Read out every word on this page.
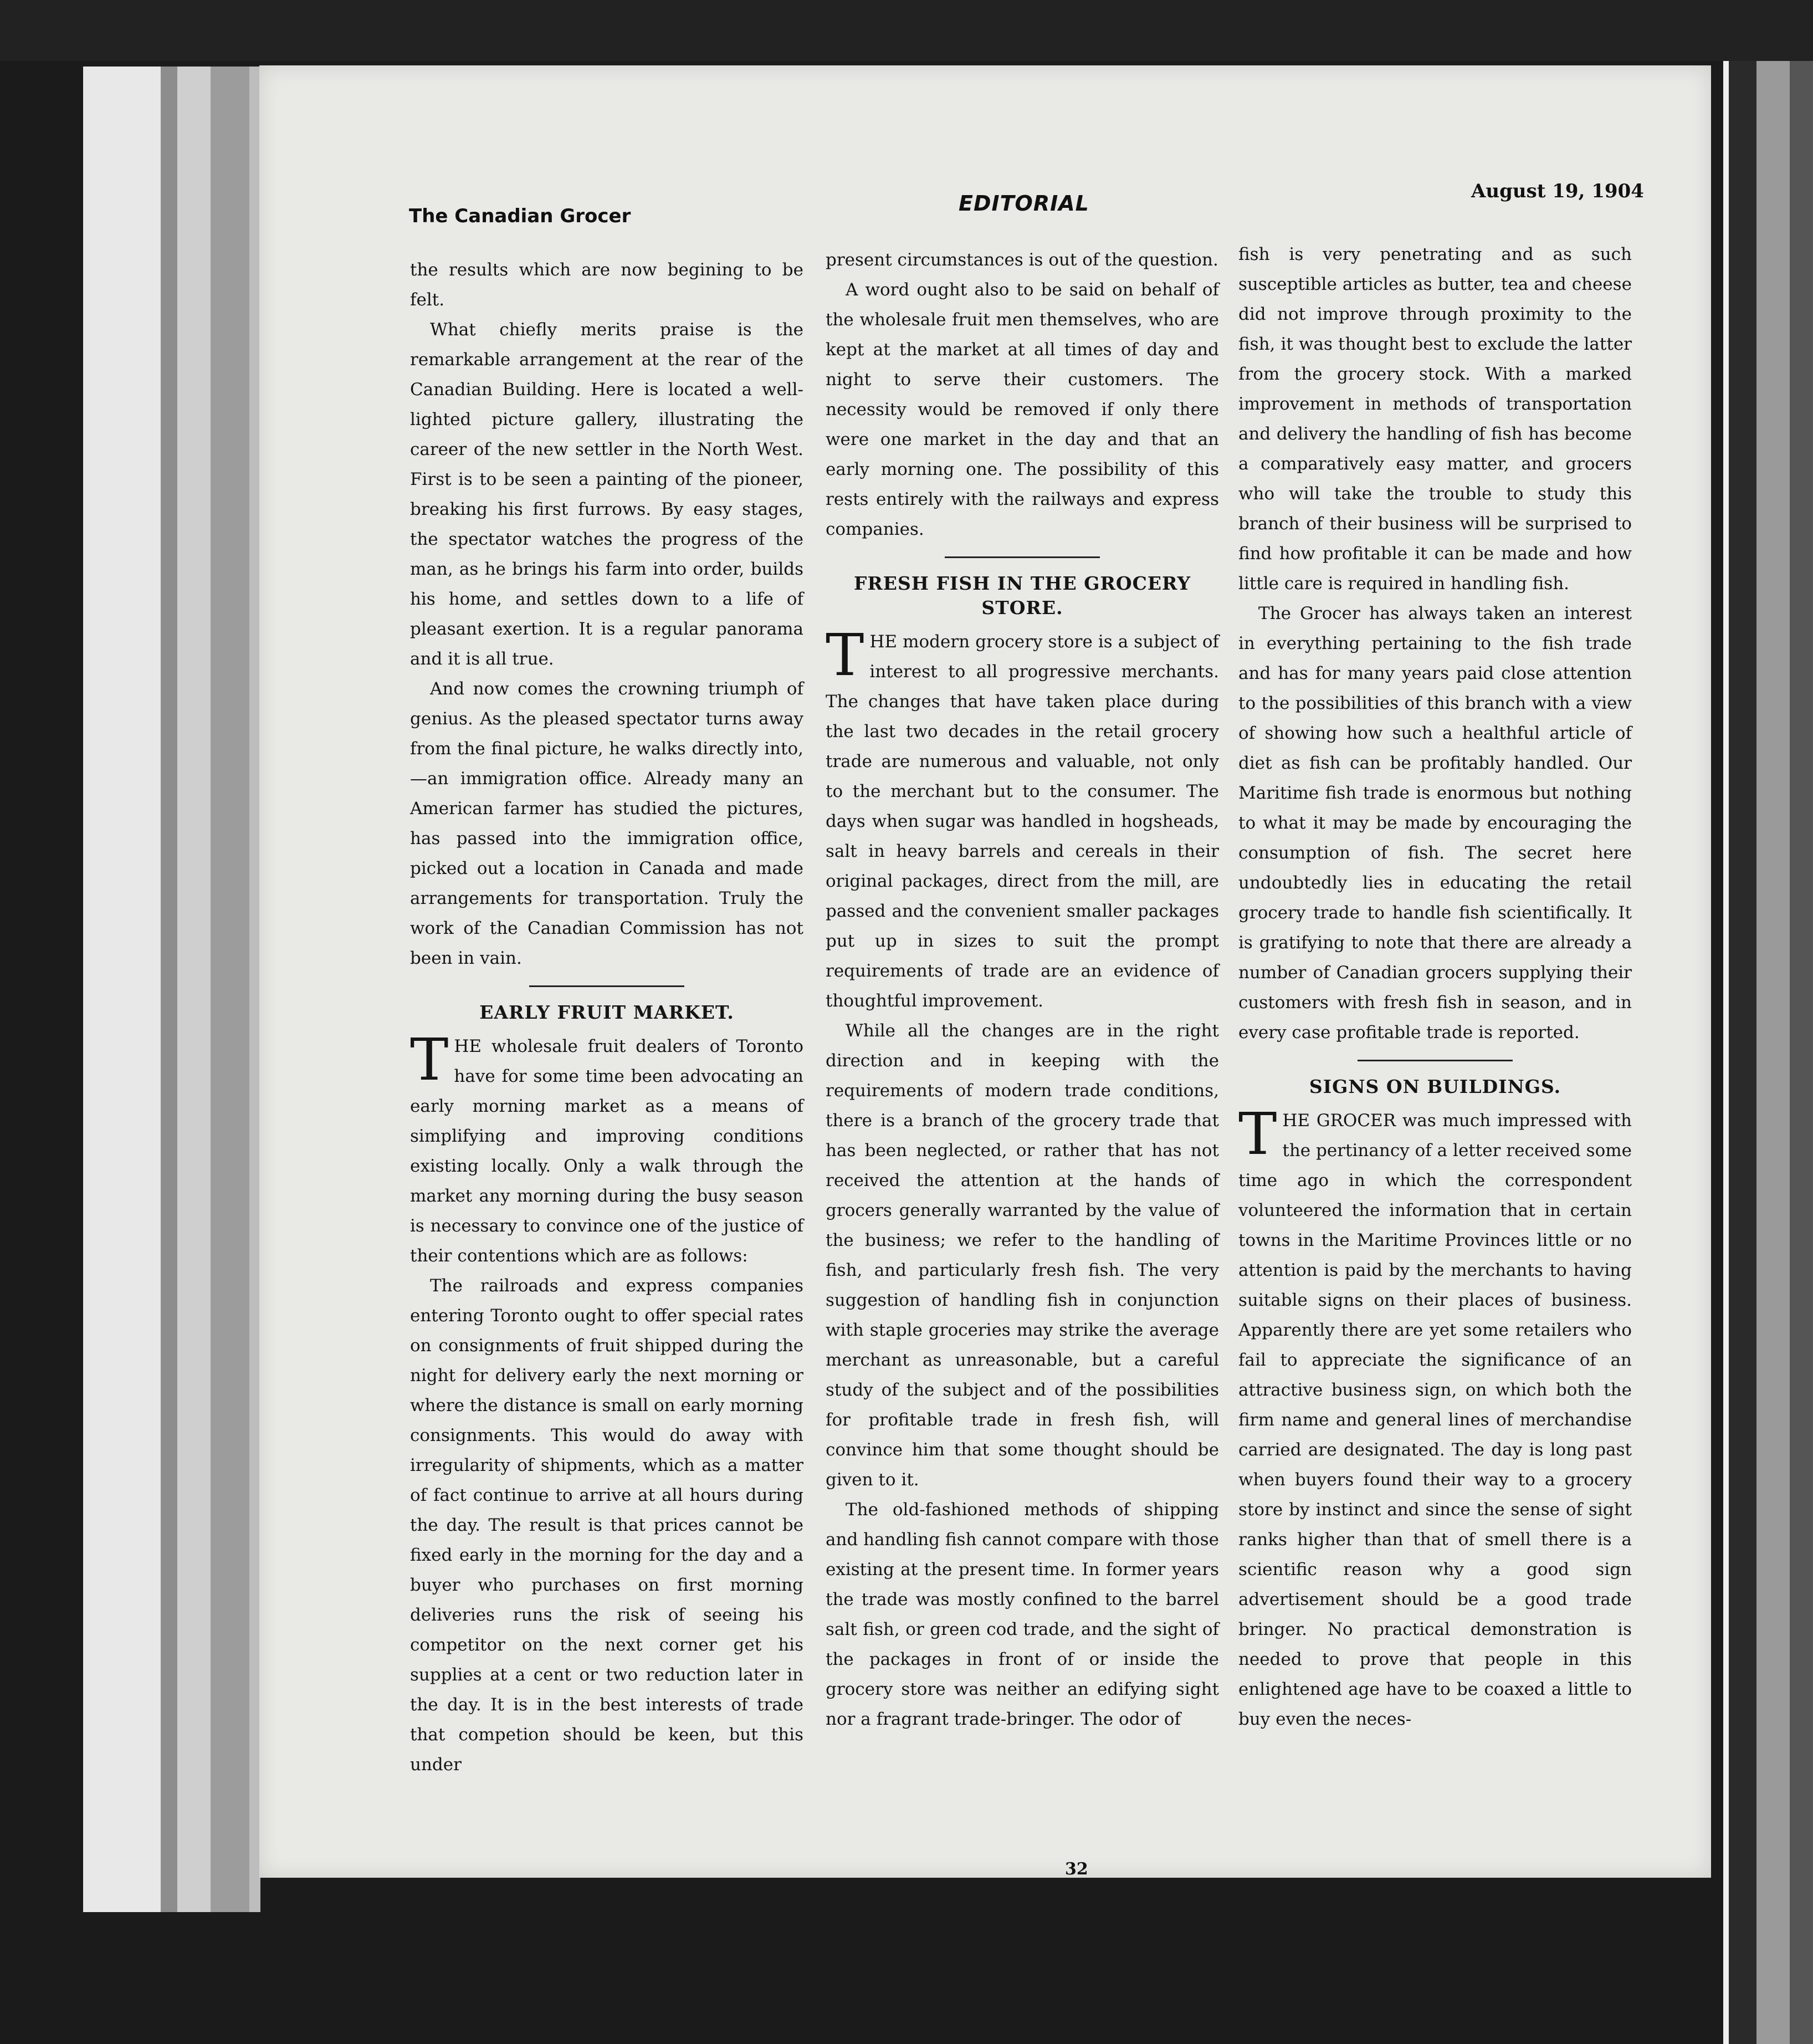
The Canadian Grocer
EDITORIAL	August 19, 1904

the results which are now begining to be felt.

What chiefly merits praise is the remarkable arrangement at the rear of the Canadian Building. Here is located a well-lighted picture gallery, illustrating the career of the new settler in the North West. First is to be seen a painting of the pioneer, breaking his first furrows. By easy stages, the spectator watches the progress of the man, as he brings his farm into order, builds his home, and settles down to a life of pleasant exertion. It is a regular panorama and it is all true.

And now comes the crowning triumph of genius. As the pleased spectator turns away from the final picture, he walks directly into,—an immigration office. Already many an American farmer has studied the pictures, has passed into the immigration office, picked out a location in Canada and made arrangements for transportation. Truly the work of the Canadian Commission has not been in vain.

EARLY FRUIT MARKET.

THE wholesale fruit dealers of Toronto have for some time been advocating an early morning market as a means of simplifying and improving conditions existing locally. Only a walk through the market any morning during the busy season is necessary to convince one of the justice of their contentions which are as follows:

The railroads and express companies entering Toronto ought to offer special rates on consignments of fruit shipped during the night for delivery early the next morning or where the distance is small on early morning consignments. This would do away with irregularity of shipments, which as a matter of fact continue to arrive at all hours during the day. The result is that prices cannot be fixed early in the morning for the day and a buyer who purchases on first morning deliveries runs the risk of seeing his competitor on the next corner get his supplies at a cent or two reduction later in the day. It is in the best interests of trade that competion should be keen, but this under

present circumstances is out of the question.

A word ought also to be said on behalf of the wholesale fruit men themselves, who are kept at the market at all times of day and night to serve their customers. The necessity would be removed if only there were one market in the day and that an early morning one. The possibility of this rests entirely with the railways and express companies.

FRESH FISH IN THE GROCERY STORE.

THE modern grocery store is a subject of interest to all progressive merchants. The changes that have taken place during the last two decades in the retail grocery trade are numerous and valuable, not only to the merchant but to the consumer. The days when sugar was handled in hogsheads, salt in heavy barrels and cereals in their original packages, direct from the mill, are passed and the convenient smaller packages put up in sizes to suit the prompt requirements of trade are an evidence of thoughtful improvement.

While all the changes are in the right direction and in keeping with the requirements of modern trade conditions, there is a branch of the grocery trade that has been neglected, or rather that has not received the attention at the hands of grocers generally warranted by the value of the business; we refer to the handling of fish, and particularly fresh fish. The very suggestion of handling fish in conjunction with staple groceries may strike the average merchant as unreasonable, but a careful study of the subject and of the possibilities for profitable trade in fresh fish, will convince him that some thought should be given to it.

The old-fashioned methods of shipping and handling fish cannot compare with those existing at the present time. In former years the trade was mostly confined to the barrel salt fish, or green cod trade, and the sight of the packages in front of or inside the grocery store was neither an edifying sight nor a fragrant trade-bringer. The odor of

fish is very penetrating and as such susceptible articles as butter, tea and cheese did not improve through proximity to the fish, it was thought best to exclude the latter from the grocery stock. With a marked improvement in methods of transportation and delivery the handling of fish has become a comparatively easy matter, and grocers who will take the trouble to study this branch of their business will be surprised to find how profitable it can be made and how little care is required in handling fish.

The Grocer has always taken an interest in everything pertaining to the fish trade and has for many years paid close attention to the possibilities of this branch with a view of showing how such a healthful article of diet as fish can be profitably handled. Our Maritime fish trade is enormous but nothing to what it may be made by encouraging the consumption of fish. The secret here undoubtedly lies in educating the retail grocery trade to handle fish scientifically. It is gratifying to note that there are already a number of Canadian grocers supplying their customers with fresh fish in season, and in every case profitable trade is reported.

SIGNS ON BUILDINGS.

THE GROCER was much impressed with the pertinancy of a letter received some time ago in which the correspondent volunteered the information that in certain towns in the Maritime Provinces little or no attention is paid by the merchants to having suitable signs on their places of business. Apparently there are yet some retailers who fail to appreciate the significance of an attractive business sign, on which both the firm name and general lines of merchandise carried are designated. The day is long past when buyers found their way to a grocery store by instinct and since the sense of sight ranks higher than that of smell there is a scientific reason why a good sign advertisement should be a good trade bringer. No practical demonstration is needed to prove that people in this enlightened age have to be coaxed a little to buy even the neces-

32
